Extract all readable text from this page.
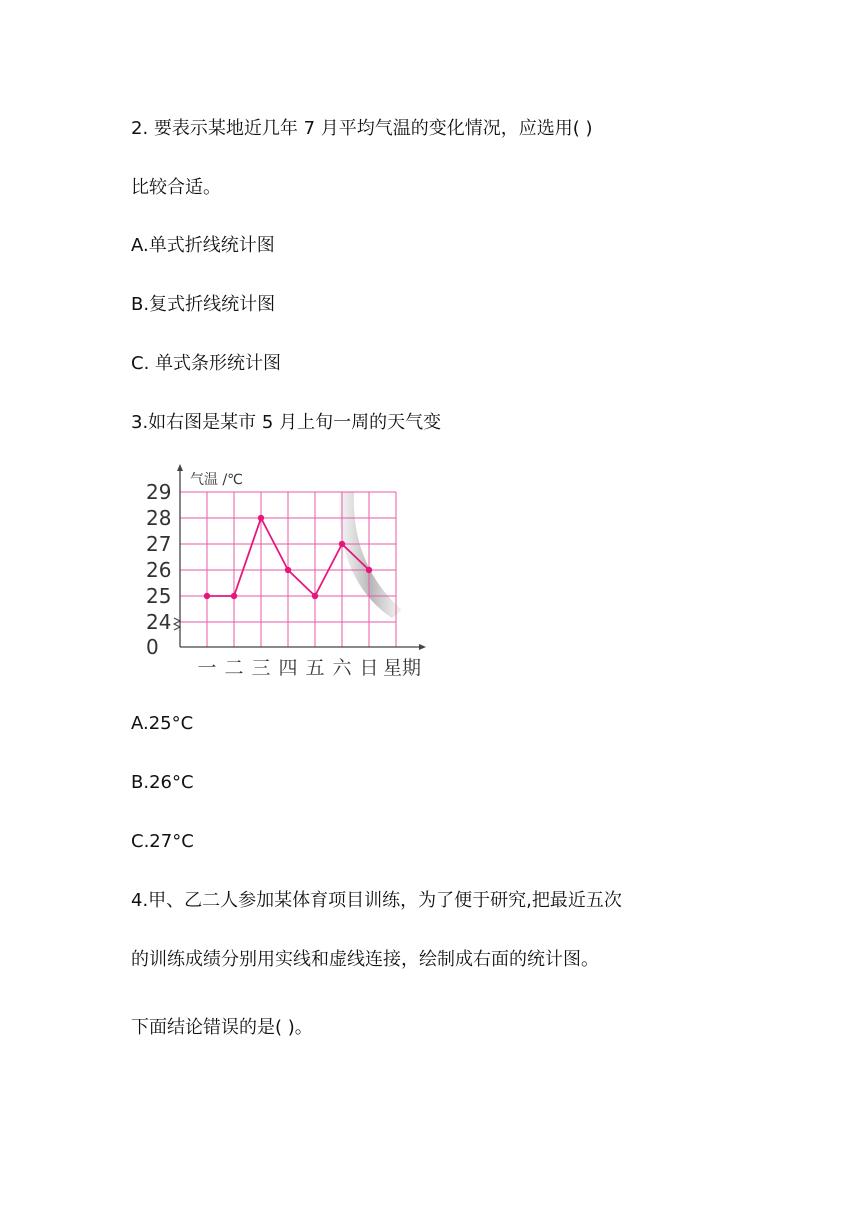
2. 要表示某地近几年 7 月平均气温的变化情况，应选用( )
比较合适。
A.单式折线统计图
B.复式折线统计图
C. 单式条形统计图
3.如右图是某市 5 月上旬一周的天气变
气温 /℃
0
24
25
26
27
28
29
一 二 三 四 五 六 日 星期
A.25°C
B.26°C
C.27°C
4.甲、乙二人参加某体育项目训练，为了便于研究,把最近五次
的训练成绩分别用实线和虚线连接，绘制成右面的统计图。
下面结论错误的是( )。
